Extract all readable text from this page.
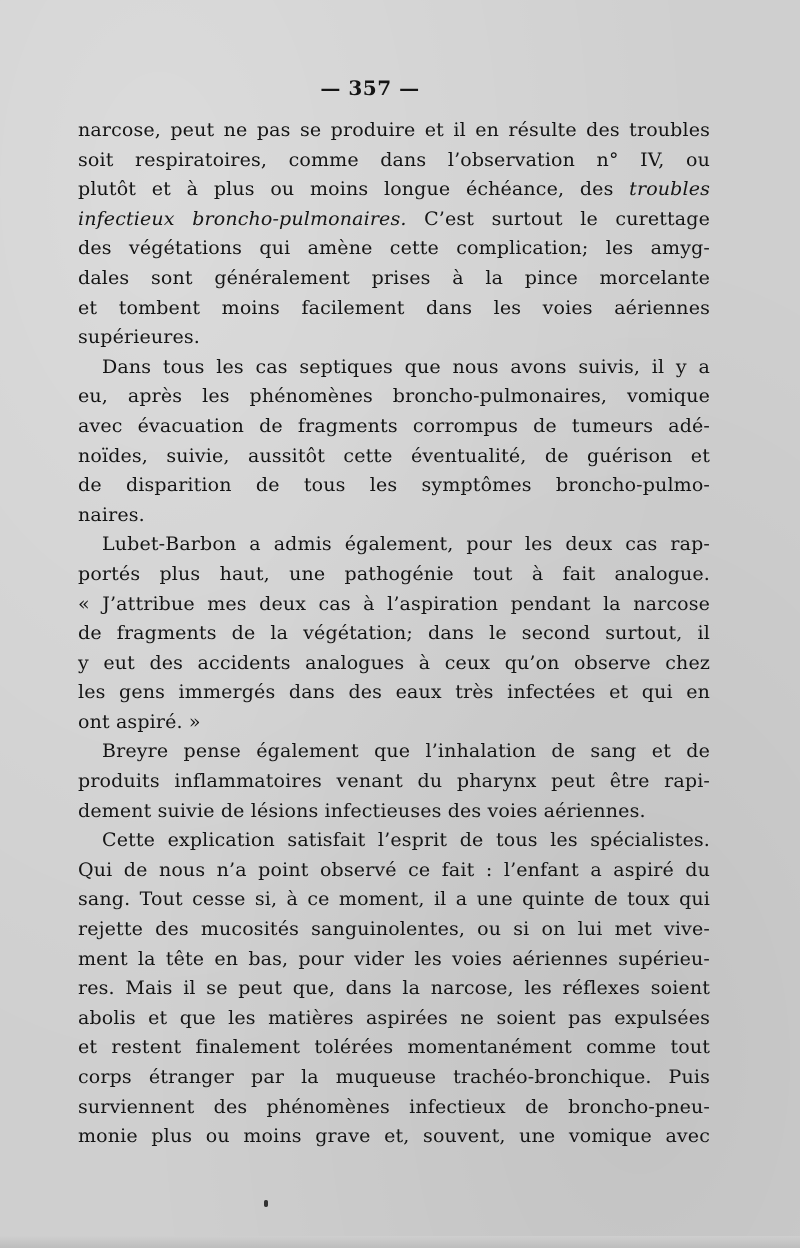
— 357 —
narcose, peut ne pas se produire et il en résulte des troubles
soit respiratoires, comme dans l’observation n° IV, ou
plutôt et à plus ou moins longue échéance, des troubles
infectieux broncho-pulmonaires. C’est surtout le curettage
des végétations qui amène cette complication; les amyg-
dales sont généralement prises à la pince morcelante
et tombent moins facilement dans les voies aériennes
supérieures.
Dans tous les cas septiques que nous avons suivis, il y a
eu, après les phénomènes broncho-pulmonaires, vomique
avec évacuation de fragments corrompus de tumeurs adé-
noïdes, suivie, aussitôt cette éventualité, de guérison et
de disparition de tous les symptômes broncho-pulmo-
naires.
Lubet-Barbon a admis également, pour les deux cas rap-
portés plus haut, une pathogénie tout à fait analogue.
« J’attribue mes deux cas à l’aspiration pendant la narcose
de fragments de la végétation; dans le second surtout, il
y eut des accidents analogues à ceux qu’on observe chez
les gens immergés dans des eaux très infectées et qui en
ont aspiré. »
Breyre pense également que l’inhalation de sang et de
produits inflammatoires venant du pharynx peut être rapi-
dement suivie de lésions infectieuses des voies aériennes.
Cette explication satisfait l’esprit de tous les spécialistes.
Qui de nous n’a point observé ce fait : l’enfant a aspiré du
sang. Tout cesse si, à ce moment, il a une quinte de toux qui
rejette des mucosités sanguinolentes, ou si on lui met vive-
ment la tête en bas, pour vider les voies aériennes supérieu-
res. Mais il se peut que, dans la narcose, les réflexes soient
abolis et que les matières aspirées ne soient pas expulsées
et restent finalement tolérées momentanément comme tout
corps étranger par la muqueuse trachéo-bronchique. Puis
surviennent des phénomènes infectieux de broncho-pneu-
monie plus ou moins grave et, souvent, une vomique avec
